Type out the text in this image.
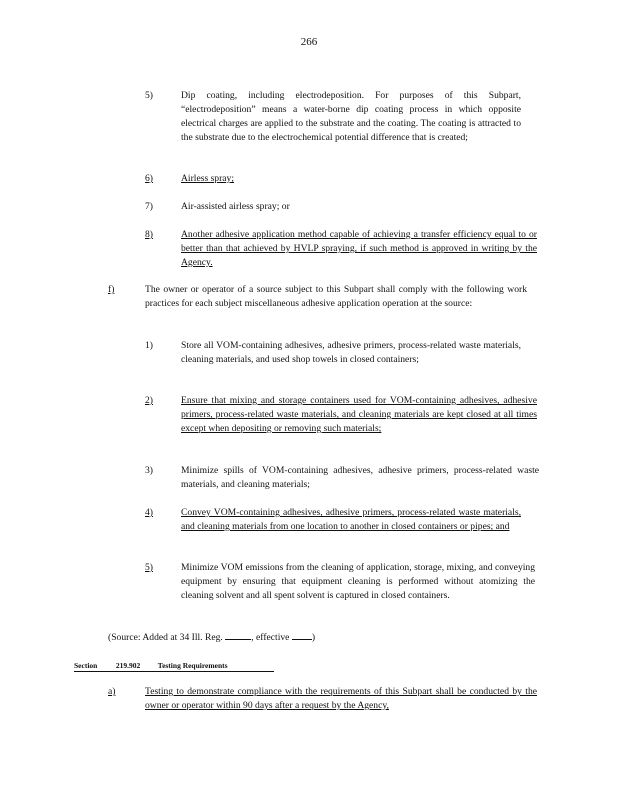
266
5)	Dip coating, including electrodeposition. For purposes of this Subpart, “electrodeposition” means a water-borne dip coating process in which opposite electrical charges are applied to the substrate and the coating. The coating is attracted to the substrate due to the electrochemical potential difference that is created;
6)	Airless spray;
7)	Air-assisted airless spray; or
8)	Another adhesive application method capable of achieving a transfer efficiency equal to or better than that achieved by HVLP spraying, if such method is approved in writing by the Agency.
f)	The owner or operator of a source subject to this Subpart shall comply with the following work practices for each subject miscellaneous adhesive application operation at the source:
1)	Store all VOM-containing adhesives, adhesive primers, process-related waste materials, cleaning materials, and used shop towels in closed containers;
2)	Ensure that mixing and storage containers used for VOM-containing adhesives, adhesive primers, process-related waste materials, and cleaning materials are kept closed at all times except when depositing or removing such materials;
3)	Minimize spills of VOM-containing adhesives, adhesive primers, process-related waste materials, and cleaning materials;
4)	Convey VOM-containing adhesives, adhesive primers, process-related waste materials, and cleaning materials from one location to another in closed containers or pipes; and
5)	Minimize VOM emissions from the cleaning of application, storage, mixing, and conveying equipment by ensuring that equipment cleaning is performed without atomizing the cleaning solvent and all spent solvent is captured in closed containers.
(Source: Added at 34 Ill. Reg.	, effective )
Section 219.902 Testing Requirements
a)	Testing to demonstrate compliance with the requirements of this Subpart shall be conducted by the owner or operator within 90 days after a request by the Agency,
